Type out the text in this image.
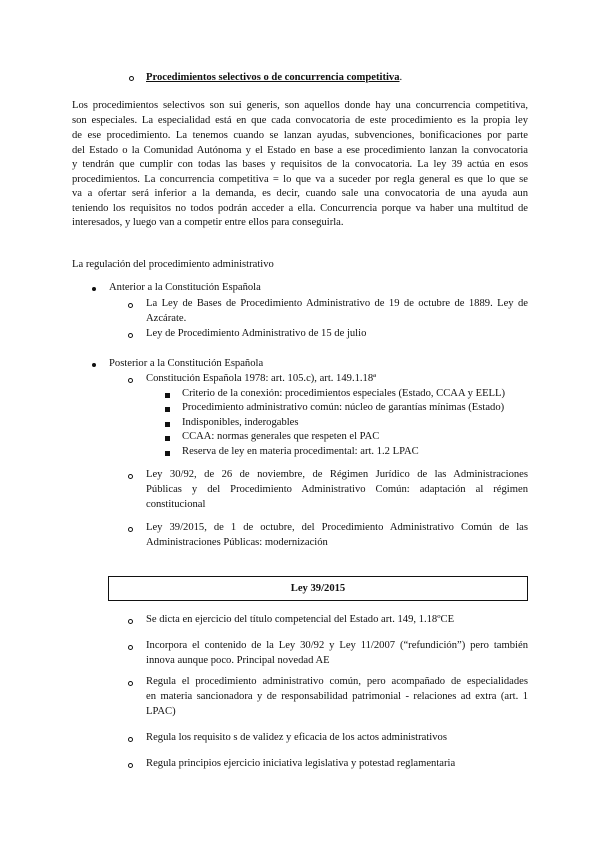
Procedimientos selectivos o de concurrencia competitiva.
Los procedimientos selectivos son sui generis, son aquellos donde hay una concurrencia competitiva,
son especiales. La especialidad está en que cada convocatoria de este procedimiento es la propia ley
de ese procedimiento. La tenemos cuando se lanzan ayudas, subvenciones, bonificaciones por parte
del Estado o la Comunidad Autónoma y el Estado en base a ese procedimiento lanzan la convocatoria
y tendrán que cumplir con todas las bases y requisitos de la convocatoria. La ley 39 actúa en esos
procedimientos. La concurrencia competitiva = lo que va a suceder por regla general es que lo que se
va a ofertar será inferior a la demanda, es decir, cuando sale una convocatoria de una ayuda aun
teniendo los requisitos no todos podrán acceder a ella. Concurrencia porque va haber una multitud de
interesados, y luego van a competir entre ellos para conseguirla.
La regulación del procedimiento administrativo
Anterior a la Constitución Española
La Ley de Bases de Procedimiento Administrativo de 19 de octubre de 1889. Ley de
Azcárate.
Ley de Procedimiento Administrativo de 15 de julio
Posterior a la Constitución Española
Constitución Española 1978: art. 105.c), art. 149.1.18ª
Criterio de la conexión: procedimientos especiales (Estado, CCAA y EELL)
Procedimiento administrativo común: núcleo de garantías mínimas (Estado)
Indisponibles, inderogables
CCAA: normas generales que respeten el PAC
Reserva de ley en materia procedimental: art. 1.2 LPAC
Ley 30/92, de 26 de noviembre, de Régimen Jurídico de las Administraciones
Públicas y del Procedimiento Administrativo Común: adaptación al régimen
constitucional
Ley 39/2015, de 1 de octubre, del Procedimiento Administrativo Común de las
Administraciones Públicas: modernización
Ley 39/2015
Se dicta en ejercicio del título competencial del Estado art. 149, 1.18ºCE
Incorpora el contenido de la Ley 30/92 y Ley 11/2007 (“refundición”) pero también
innova aunque poco. Principal novedad AE
Regula el procedimiento administrativo común, pero acompañado de especialidades
en materia sancionadora y de responsabilidad patrimonial - relaciones ad extra (art. 1
LPAC)
Regula los requisito s de validez y eficacia de los actos administrativos
Regula principios ejercicio iniciativa legislativa y potestad reglamentaria
